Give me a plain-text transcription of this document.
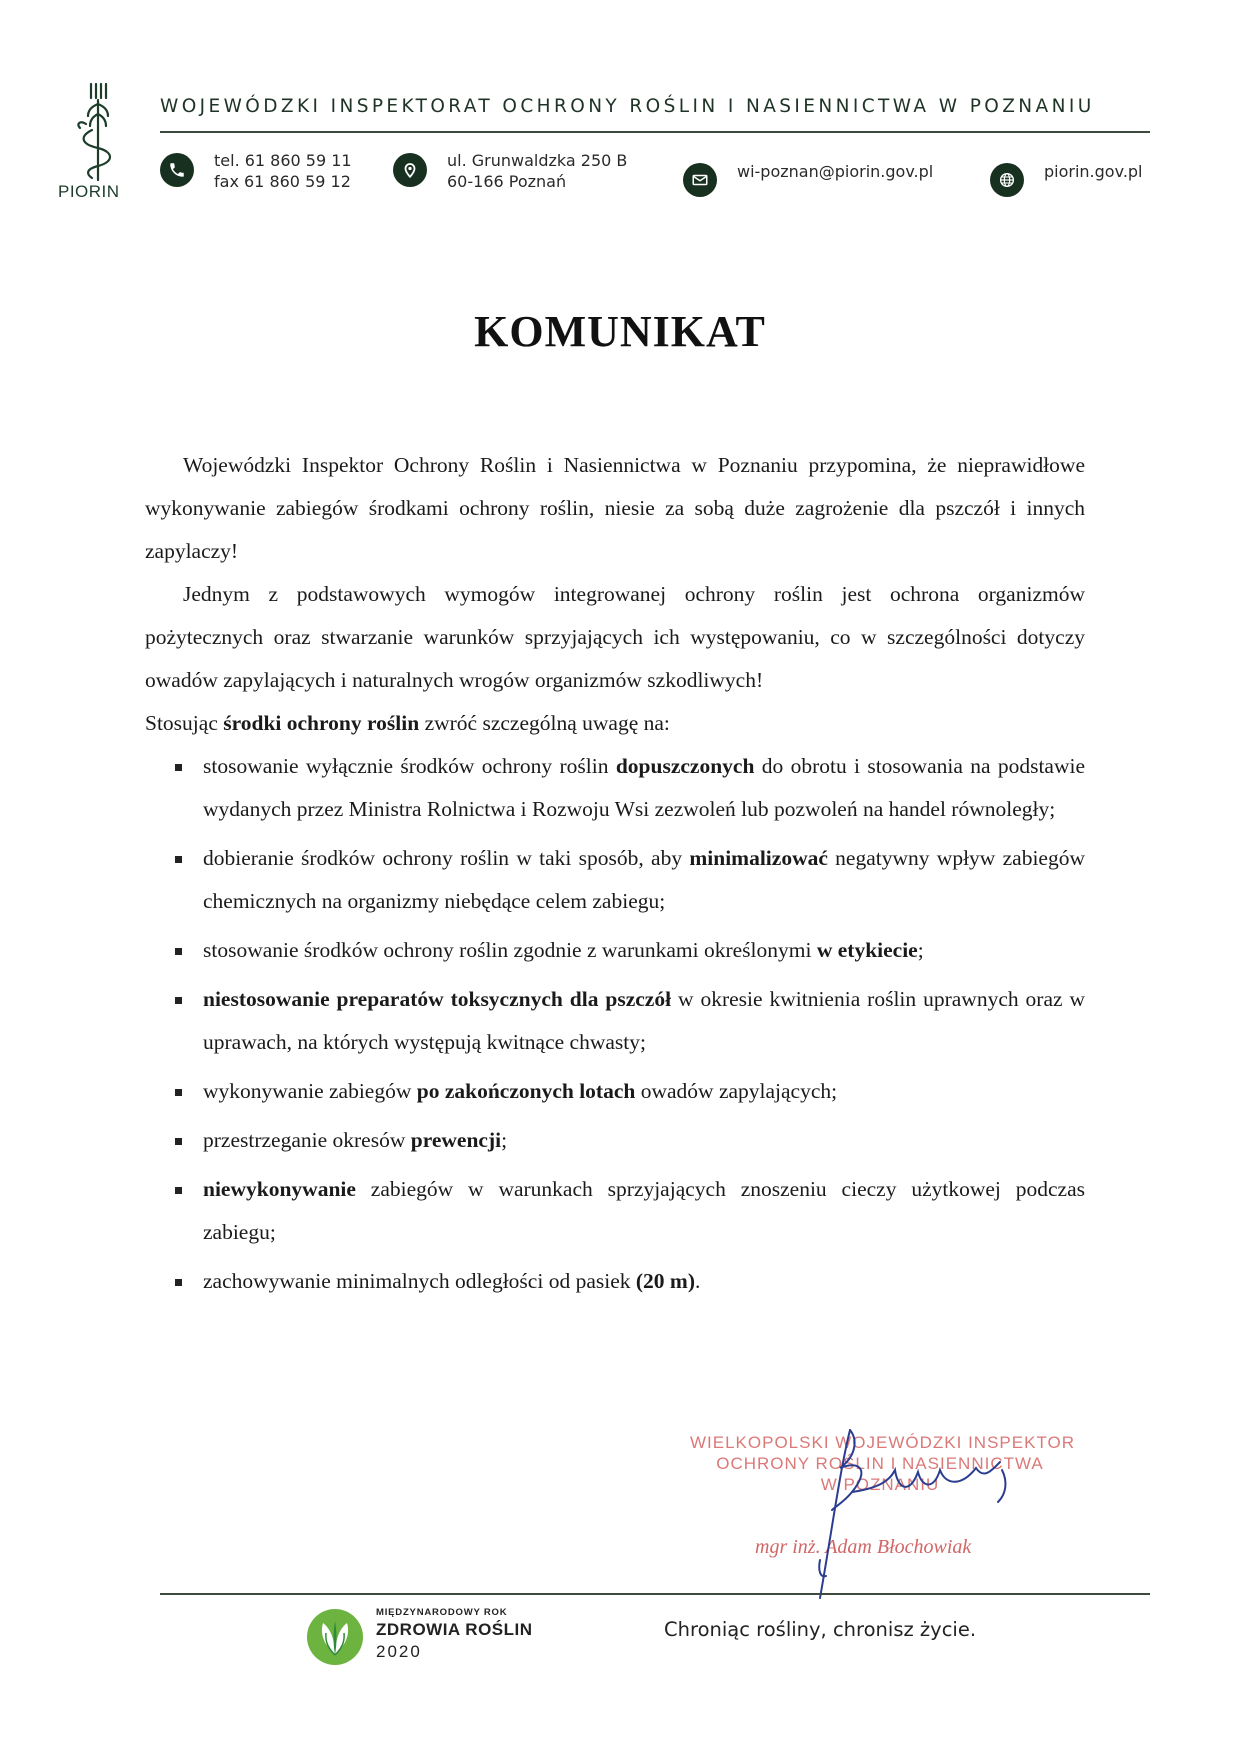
PIORIN
WOJEWÓDZKI INSPEKTORAT OCHRONY ROŚLIN I NASIENNICTWA W POZNANIU
tel. 61 860 59 11
fax 61 860 59 12
ul. Grunwaldzka 250 B
60-166 Poznań
wi-poznan@piorin.gov.pl	piorin.gov.pl
KOMUNIKAT

Wojewódzki Inspektor Ochrony Roślin i Nasiennictwa w Poznaniu przypomina, że nieprawidłowe wykonywanie zabiegów środkami ochrony roślin, niesie za sobą duże zagrożenie dla pszczół i innych zapylaczy!

Jednym z podstawowych wymogów integrowanej ochrony roślin jest ochrona organizmów pożytecznych oraz stwarzanie warunków sprzyjających ich występowaniu, co w szczególności dotyczy owadów zapylających i naturalnych wrogów organizmów szkodliwych!

Stosując środki ochrony roślin zwróć szczególną uwagę na:

stosowanie wyłącznie środków ochrony roślin dopuszczonych do obrotu i stosowania na podstawie wydanych przez Ministra Rolnictwa i Rozwoju Wsi zezwoleń lub pozwoleń na handel równoległy;
dobieranie środków ochrony roślin w taki sposób, aby minimalizować negatywny wpływ zabiegów chemicznych na organizmy niebędące celem zabiegu;
stosowanie środków ochrony roślin zgodnie z warunkami określonymi w etykiecie;
niestosowanie preparatów toksycznych dla pszczół w okresie kwitnienia roślin uprawnych oraz w uprawach, na których występują kwitnące chwasty;
wykonywanie zabiegów po zakończonych lotach owadów zapylających;
przestrzeganie okresów prewencji;
niewykonywanie zabiegów w warunkach sprzyjających znoszeniu cieczy użytkowej podczas zabiegu;
zachowywanie minimalnych odległości od pasiek (20 m).
WIELKOPOLSKI WOJEWÓDZKI INSPEKTOR
OCHRONY ROŚLIN I NASIENNICTWA
W POZNANIU
mgr inż. Adam Błochowiak
MIĘDZYNARODOWY ROK
ZDROWIA ROŚLIN
2020
Chroniąc rośliny, chronisz życie.
